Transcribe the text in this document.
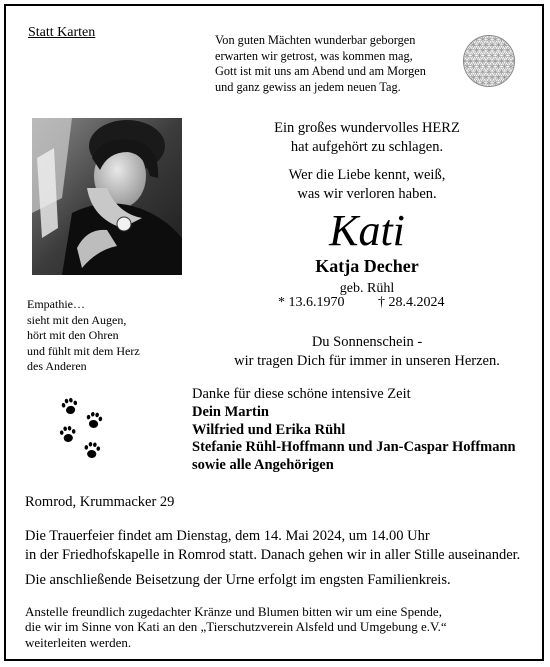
Statt Karten	Von guten Mächten wunderbar geborgen
erwarten wir getrost, was kommen mag,
Gott ist mit uns am Abend und am Morgen
und ganz gewiss an jedem neuen Tag.
Ein großes wundervolles HERZ
hat aufgehört zu schlagen.
Wer die Liebe kennt, weiß,
was wir verloren haben.
Kati
Katja Decher
geb. Rühl
* 13.6.1970 † 28.4.2024
Empathie…
sieht mit den Augen,
hört mit den Ohren
und fühlt mit dem Herz
des Anderen
Du Sonnenschein -
wir tragen Dich für immer in unseren Herzen.
Danke für diese schöne intensive Zeit
Dein Martin
Wilfried und Erika Rühl
Stefanie Rühl-Hoffmann und Jan-Caspar Hoffmann
sowie alle Angehörigen
Romrod, Krummacker 29
Die Trauerfeier findet am Dienstag, dem 14. Mai 2024, um 14.00 Uhr
in der Friedhofskapelle in Romrod statt. Danach gehen wir in aller Stille auseinander.
Die anschließende Beisetzung der Urne erfolgt im engsten Familienkreis.
Anstelle freundlich zugedachter Kränze und Blumen bitten wir um eine Spende,
die wir im Sinne von Kati an den „Tierschutzverein Alsfeld und Umgebung e.V.“
weiterleiten werden.
